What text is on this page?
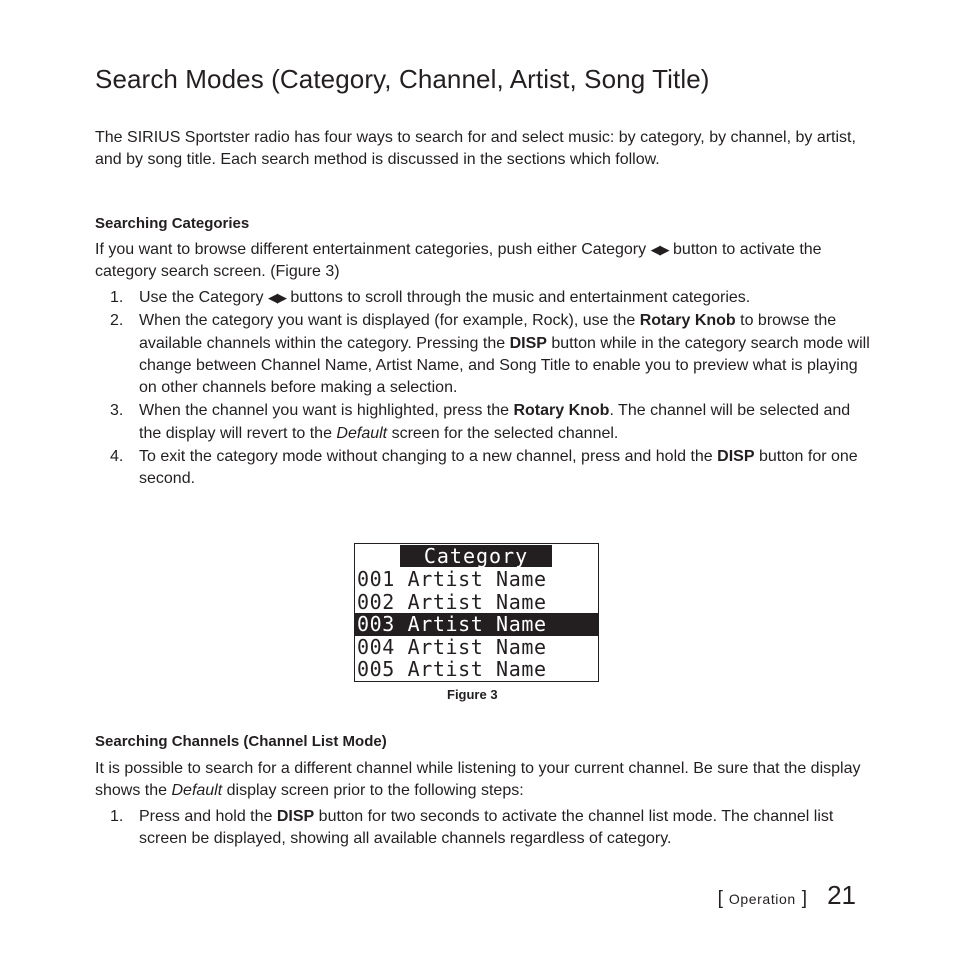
Search Modes (Category, Channel, Artist, Song Title)

The SIRIUS Sportster radio has four ways to search for and select music: by category, by channel, by artist, and by song title. Each search method is discussed in the sections which follow.

Searching Categories

If you want to browse different entertainment categories, push either Category ◀▶ button to activate the category search screen. (Figure 3)

1. Use the Category ◀▶ buttons to scroll through the music and entertainment categories.
2. When the category you want is displayed (for example, Rock), use the Rotary Knob to browse the available channels within the category. Pressing the DISP button while in the category search mode will change between Channel Name, Artist Name, and Song Title to enable you to preview what is playing on other channels before making a selection.
3. When the channel you want is highlighted, press the Rotary Knob. The channel will be selected and the display will revert to the Default screen for the selected channel.
4. To exit the category mode without changing to a new channel, press and hold the DISP button for one second.
Category
001 Artist Name
002 Artist Name
003 Artist Name
004 Artist Name
005 Artist Name
Figure 3
Searching Channels (Channel List Mode)

It is possible to search for a different channel while listening to your current channel. Be sure that the display shows the Default display screen prior to the following steps:

1. Press and hold the DISP button for two seconds to activate the channel list mode. The channel list screen be displayed, showing all available channels regardless of category.
[ Operation ] 21
